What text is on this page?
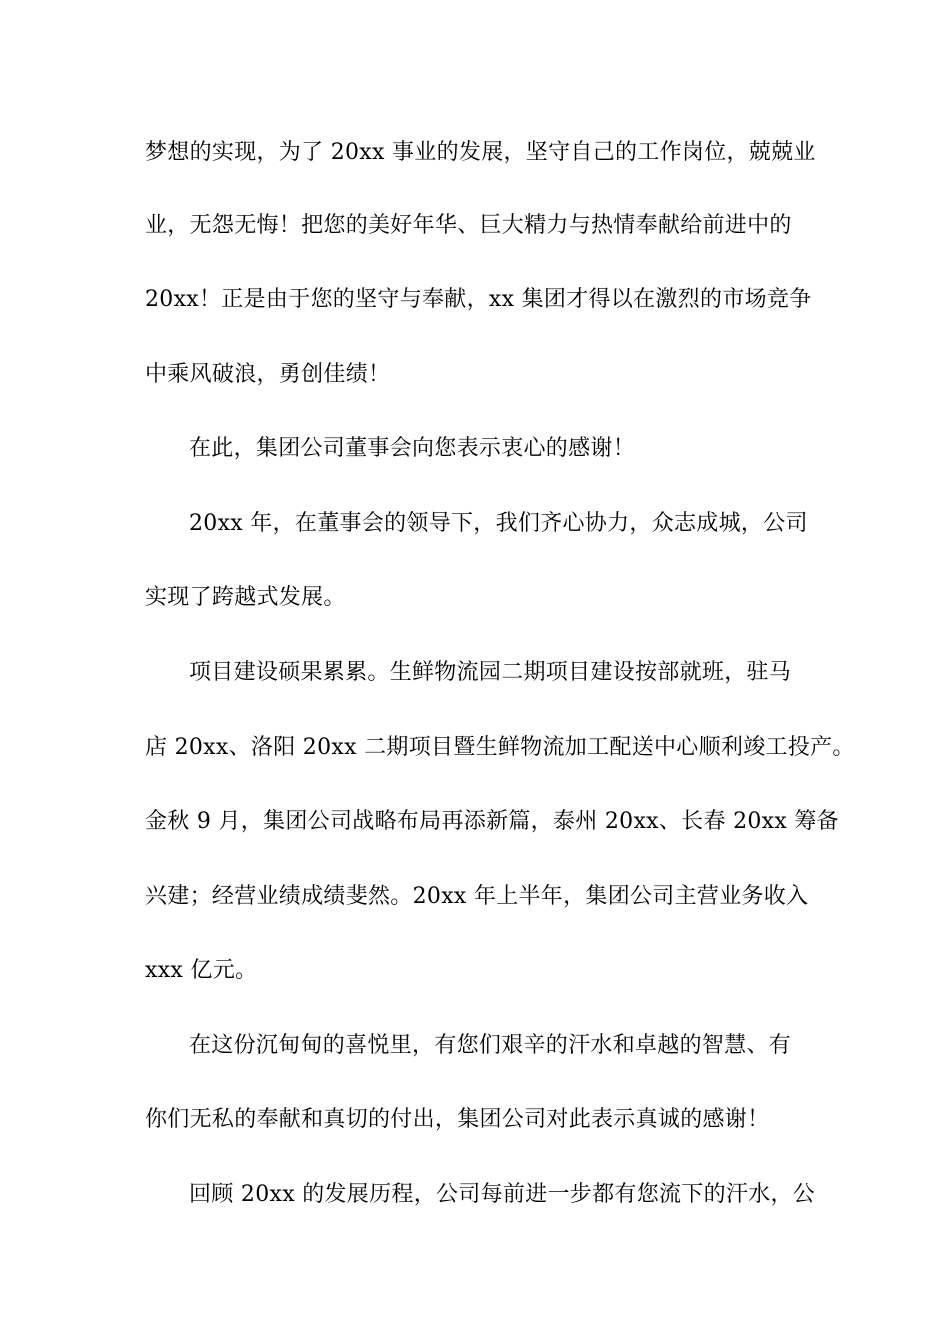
梦想的实现，为了 20xx 事业的发展，坚守自己的工作岗位，兢兢业
业，无怨无悔！把您的美好年华、巨大精力与热情奉献给前进中的
20xx！正是由于您的坚守与奉献，xx 集团才得以在激烈的市场竞争
中乘风破浪，勇创佳绩！
在此，集团公司董事会向您表示衷心的感谢！
20xx 年，在董事会的领导下，我们齐心协力，众志成城，公司
实现了跨越式发展。
项目建设硕果累累。生鲜物流园二期项目建设按部就班，驻马
店 20xx、洛阳 20xx 二期项目暨生鲜物流加工配送中心顺利竣工投产。
金秋 9 月，集团公司战略布局再添新篇，泰州 20xx、长春 20xx 筹备
兴建；经营业绩成绩斐然。20xx 年上半年，集团公司主营业务收入
xxx 亿元。
在这份沉甸甸的喜悦里，有您们艰辛的汗水和卓越的智慧、有
你们无私的奉献和真切的付出，集团公司对此表示真诚的感谢！
回顾 20xx 的发展历程，公司每前进一步都有您流下的汗水，公
